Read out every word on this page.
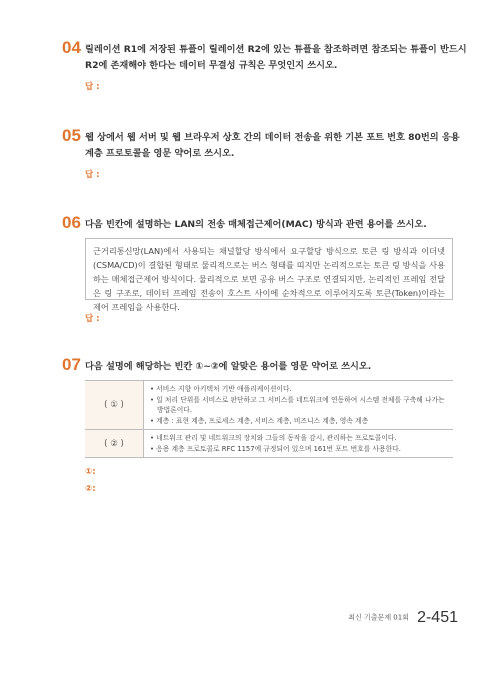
04 릴레이션 R1에 저장된 튜플이 릴레이션 R2에 있는 튜플을 참조하려면 참조되는 튜플이 반드시 R2에 존재해야 한다는 데이터 무결성 규칙은 무엇인지 쓰시오.
답 :
05 웹 상에서 웹 서버 및 웹 브라우저 상호 간의 데이터 전송을 위한 기본 포트 번호 80번의 응용 계층 프로토콜을 영문 약어로 쓰시오.
답 :
06 다음 빈칸에 설명하는 LAN의 전송 매체접근제어(MAC) 방식과 관련 용어를 쓰시오.
근거리통신망(LAN)에서 사용되는 채널할당 방식에서 요구할당 방식으로 토큰 링 방식과 이더넷(CSMA/CD)이 결합된 형태로 물리적으로는 버스 형태를 띠지만 논리적으로는 토큰 링 방식을 사용하는 매체접근제어 방식이다. 물리적으로 보면 공유 버스 구조로 연결되지만, 논리적인 프레임 전달은 링 구조로, 데이터 프레임 전송이 호스트 사이에 순차적으로 이루어지도록 토큰(Token)이라는 제어 프레임을 사용한다.
답 :
07 다음 설명에 해당하는 빈칸 ①~②에 알맞은 용어를 영문 약어로 쓰시오.
( ① )	• 서비스 지향 아키텍처 기반 애플리케이션이다.
• 일 처리 단위를 서비스로 판단하고 그 서비스를 네트워크에 연동하여 시스템 전체를 구축해 나가는 방법론이다.
• 계층 : 표현 계층, 프로세스 계층, 서비스 계층, 비즈니스 계층, 영속 계층

( ② )	• 네트워크 관리 및 네트워크의 장치와 그들의 동작을 감시, 관리하는 프로토콜이다.
• 응용 계층 프로토콜로 RFC 1157에 규정되어 있으며 161번 포트 번호를 사용한다.
①:
②:
최신 기출문제 01회 2-451
